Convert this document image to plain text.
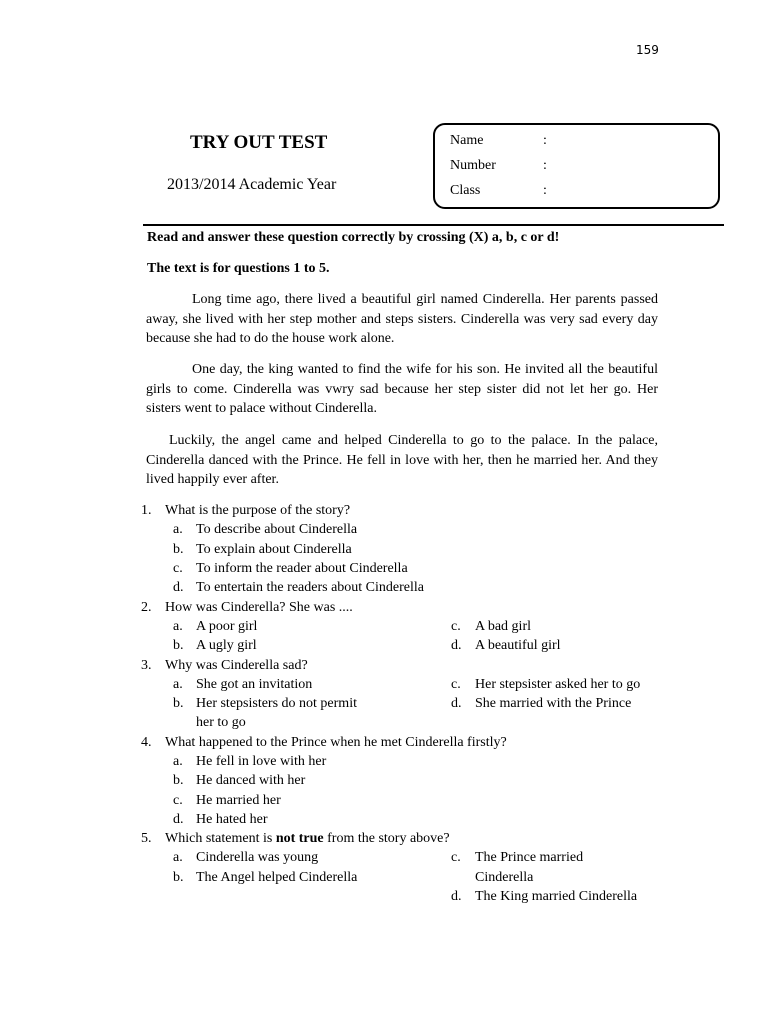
159
TRY OUT TEST
2013/2014 Academic Year
Name	:
Number	:
Class	:
Read and answer these question correctly by crossing (X) a, b, c or d!
The text is for questions 1 to 5.
Long time ago, there lived a beautiful girl named Cinderella. Her parents passed away, she lived with her step mother and steps sisters. Cinderella was very sad every day because she had to do the house work alone.
One day, the king wanted to find the wife for his son. He invited all the beautiful girls to come. Cinderella was vwry sad because her step sister did not let her go. Her sisters went to palace without Cinderella.
Luckily, the angel came and helped Cinderella to go to the palace. In the palace, Cinderella danced with the Prince. He fell in love with her, then he married her. And they lived happily ever after.
1. What is the purpose of the story?
a. To describe about Cinderella
b. To explain about Cinderella
c. To inform the reader about Cinderella
d. To entertain the readers about Cinderella
2. How was Cinderella? She was ....
a. A poor girl
b. A ugly girl
c. A bad girl
d. A beautiful girl
3. Why was Cinderella sad?
a. She got an invitation
b. Her stepsisters do not permit
her to go
c. Her stepsister asked her to go
d. She married with the Prince
4. What happened to the Prince when he met Cinderella firstly?
a. He fell in love with her
b. He danced with her
c. He married her
d. He hated her
5. Which statement is not true from the story above?
a. Cinderella was young
b. The Angel helped Cinderella
c. The Prince married
Cinderella
d. The King married Cinderella
